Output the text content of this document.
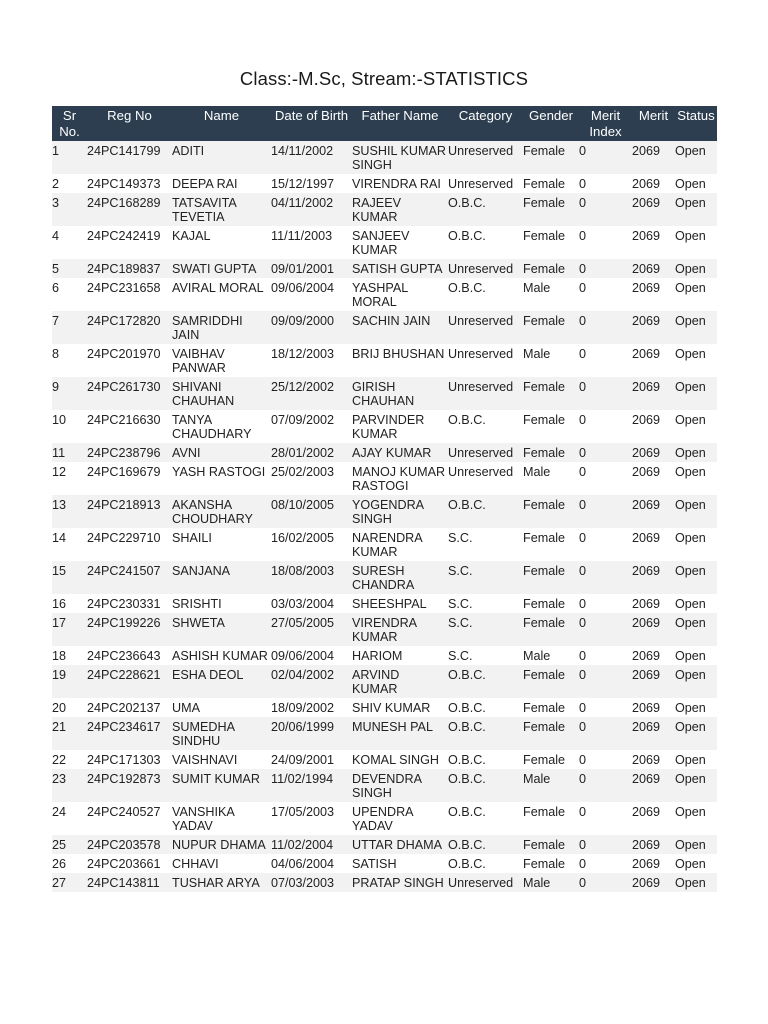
Class:-M.Sc, Stream:-STATISTICS
Sr No.	Reg No	Name	Date of Birth	Father Name	Category	Gender	Merit Index	Merit	Status
1	24PC141799	ADITI	14/11/2002	SUSHIL KUMAR SINGH	Unreserved	Female	0	2069	Open
2	24PC149373	DEEPA RAI	15/12/1997	VIRENDRA RAI	Unreserved	Female	0	2069	Open
3	24PC168289	TATSAVITA TEVETIA	04/11/2002	RAJEEV KUMAR	O.B.C.	Female	0	2069	Open
4	24PC242419	KAJAL	11/11/2003	SANJEEV KUMAR	O.B.C.	Female	0	2069	Open
5	24PC189837	SWATI GUPTA	09/01/2001	SATISH GUPTA	Unreserved	Female	0	2069	Open
6	24PC231658	AVIRAL MORAL	09/06/2004	YASHPAL MORAL	O.B.C.	Male	0	2069	Open
7	24PC172820	SAMRIDDHI JAIN	09/09/2000	SACHIN JAIN	Unreserved	Female	0	2069	Open
8	24PC201970	VAIBHAV PANWAR	18/12/2003	BRIJ BHUSHAN	Unreserved	Male	0	2069	Open
9	24PC261730	SHIVANI CHAUHAN	25/12/2002	GIRISH CHAUHAN	Unreserved	Female	0	2069	Open
10	24PC216630	TANYA CHAUDHARY	07/09/2002	PARVINDER KUMAR	O.B.C.	Female	0	2069	Open
11	24PC238796	AVNI	28/01/2002	AJAY KUMAR	Unreserved	Female	0	2069	Open
12	24PC169679	YASH RASTOGI	25/02/2003	MANOJ KUMAR RASTOGI	Unreserved	Male	0	2069	Open
13	24PC218913	AKANSHA CHOUDHARY	08/10/2005	YOGENDRA SINGH	O.B.C.	Female	0	2069	Open
14	24PC229710	SHAILI	16/02/2005	NARENDRA KUMAR	S.C.	Female	0	2069	Open
15	24PC241507	SANJANA	18/08/2003	SURESH CHANDRA	S.C.	Female	0	2069	Open
16	24PC230331	SRISHTI	03/03/2004	SHEESHPAL	S.C.	Female	0	2069	Open
17	24PC199226	SHWETA	27/05/2005	VIRENDRA KUMAR	S.C.	Female	0	2069	Open
18	24PC236643	ASHISH KUMAR	09/06/2004	HARIOM	S.C.	Male	0	2069	Open
19	24PC228621	ESHA DEOL	02/04/2002	ARVIND KUMAR	O.B.C.	Female	0	2069	Open
20	24PC202137	UMA	18/09/2002	SHIV KUMAR	O.B.C.	Female	0	2069	Open
21	24PC234617	SUMEDHA SINDHU	20/06/1999	MUNESH PAL	O.B.C.	Female	0	2069	Open
22	24PC171303	VAISHNAVI	24/09/2001	KOMAL SINGH	O.B.C.	Female	0	2069	Open
23	24PC192873	SUMIT KUMAR	11/02/1994	DEVENDRA SINGH	O.B.C.	Male	0	2069	Open
24	24PC240527	VANSHIKA YADAV	17/05/2003	UPENDRA YADAV	O.B.C.	Female	0	2069	Open
25	24PC203578	NUPUR DHAMA	11/02/2004	UTTAR DHAMA	O.B.C.	Female	0	2069	Open
26	24PC203661	CHHAVI	04/06/2004	SATISH	O.B.C.	Female	0	2069	Open
27	24PC143811	TUSHAR ARYA	07/03/2003	PRATAP SINGH	Unreserved	Male	0	2069	Open
